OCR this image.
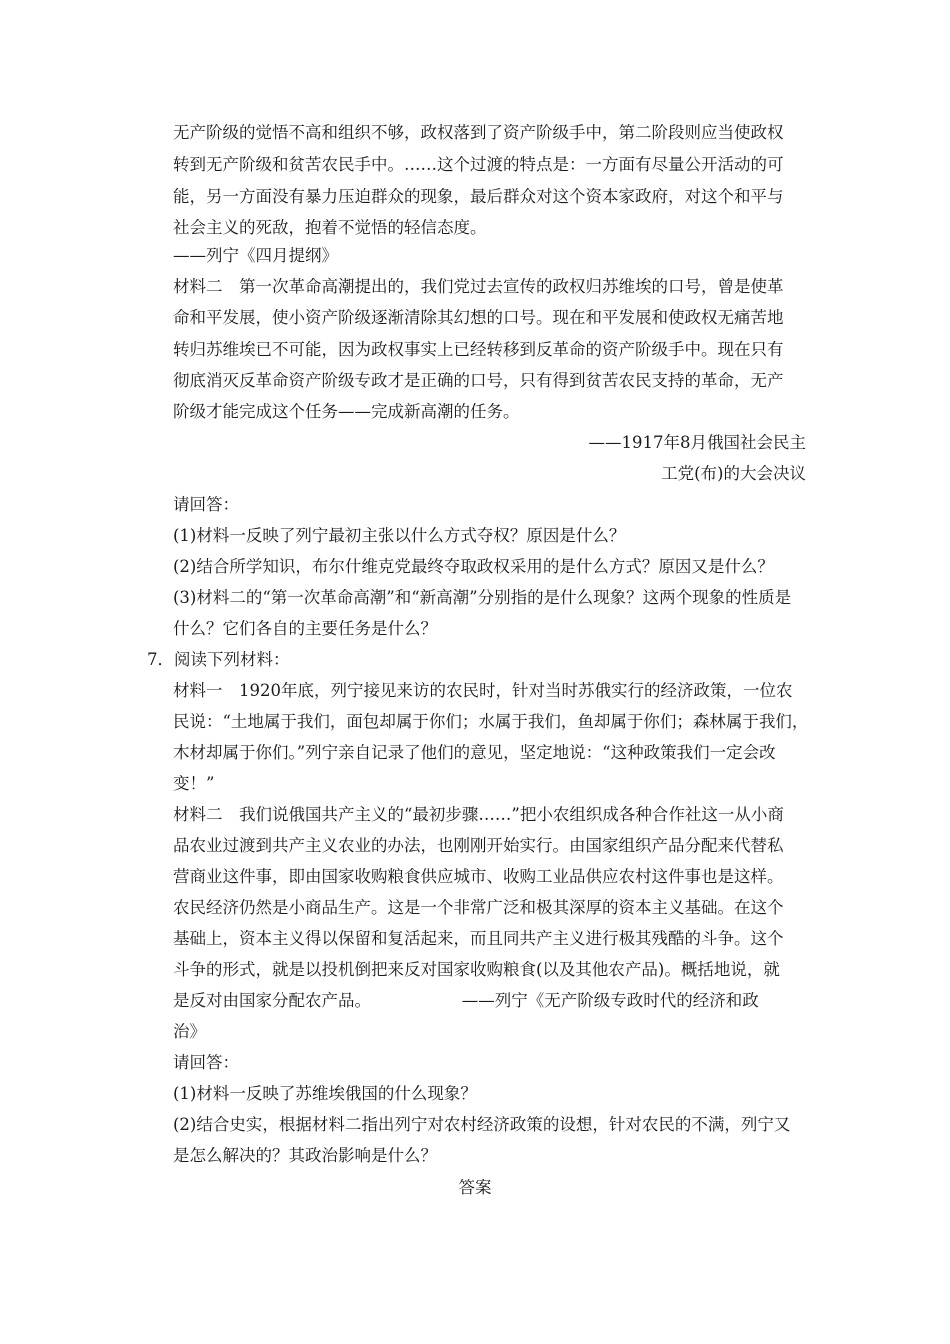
无产阶级的觉悟不高和组织不够，政权落到了资产阶级手中，第二阶段则应当使政权
转到无产阶级和贫苦农民手中。……这个过渡的特点是：一方面有尽量公开活动的可
能，另一方面没有暴力压迫群众的现象，最后群众对这个资本家政府，对这个和平与
社会主义的死敌，抱着不觉悟的轻信态度。
——列宁《四月提纲》
材料二　第一次革命高潮提出的，我们党过去宣传的政权归苏维埃的口号，曾是使革
命和平发展，使小资产阶级逐渐清除其幻想的口号。现在和平发展和使政权无痛苦地
转归苏维埃已不可能，因为政权事实上已经转移到反革命的资产阶级手中。现在只有
彻底消灭反革命资产阶级专政才是正确的口号，只有得到贫苦农民支持的革命，无产
阶级才能完成这个任务——完成新高潮的任务。
——1917年8月俄国社会民主
工党(布)的大会决议
请回答：
(1)材料一反映了列宁最初主张以什么方式夺权？原因是什么？
(2)结合所学知识，布尔什维克党最终夺取政权采用的是什么方式？原因又是什么？
(3)材料二的“第一次革命高潮”和“新高潮”分别指的是什么现象？这两个现象的性质是
什么？它们各自的主要任务是什么？
7．阅读下列材料：
材料一　1920年底，列宁接见来访的农民时，针对当时苏俄实行的经济政策，一位农
民说：“土地属于我们，面包却属于你们；水属于我们，鱼却属于你们；森林属于我们，
木材却属于你们。”列宁亲自记录了他们的意见，坚定地说：“这种政策我们一定会改
变！”
材料二　我们说俄国共产主义的“最初步骤……”把小农组织成各种合作社这一从小商
品农业过渡到共产主义农业的办法，也刚刚开始实行。由国家组织产品分配来代替私
营商业这件事，即由国家收购粮食供应城市、收购工业品供应农村这件事也是这样。
农民经济仍然是小商品生产。这是一个非常广泛和极其深厚的资本主义基础。在这个
基础上，资本主义得以保留和复活起来，而且同共产主义进行极其残酷的斗争。这个
斗争的形式，就是以投机倒把来反对国家收购粮食(以及其他农产品)。概括地说，就
是反对由国家分配农产品。　　　　　　——列宁《无产阶级专政时代的经济和政
治》
请回答：
(1)材料一反映了苏维埃俄国的什么现象？
(2)结合史实，根据材料二指出列宁对农村经济政策的设想，针对农民的不满，列宁又
是怎么解决的？其政治影响是什么？
答案
